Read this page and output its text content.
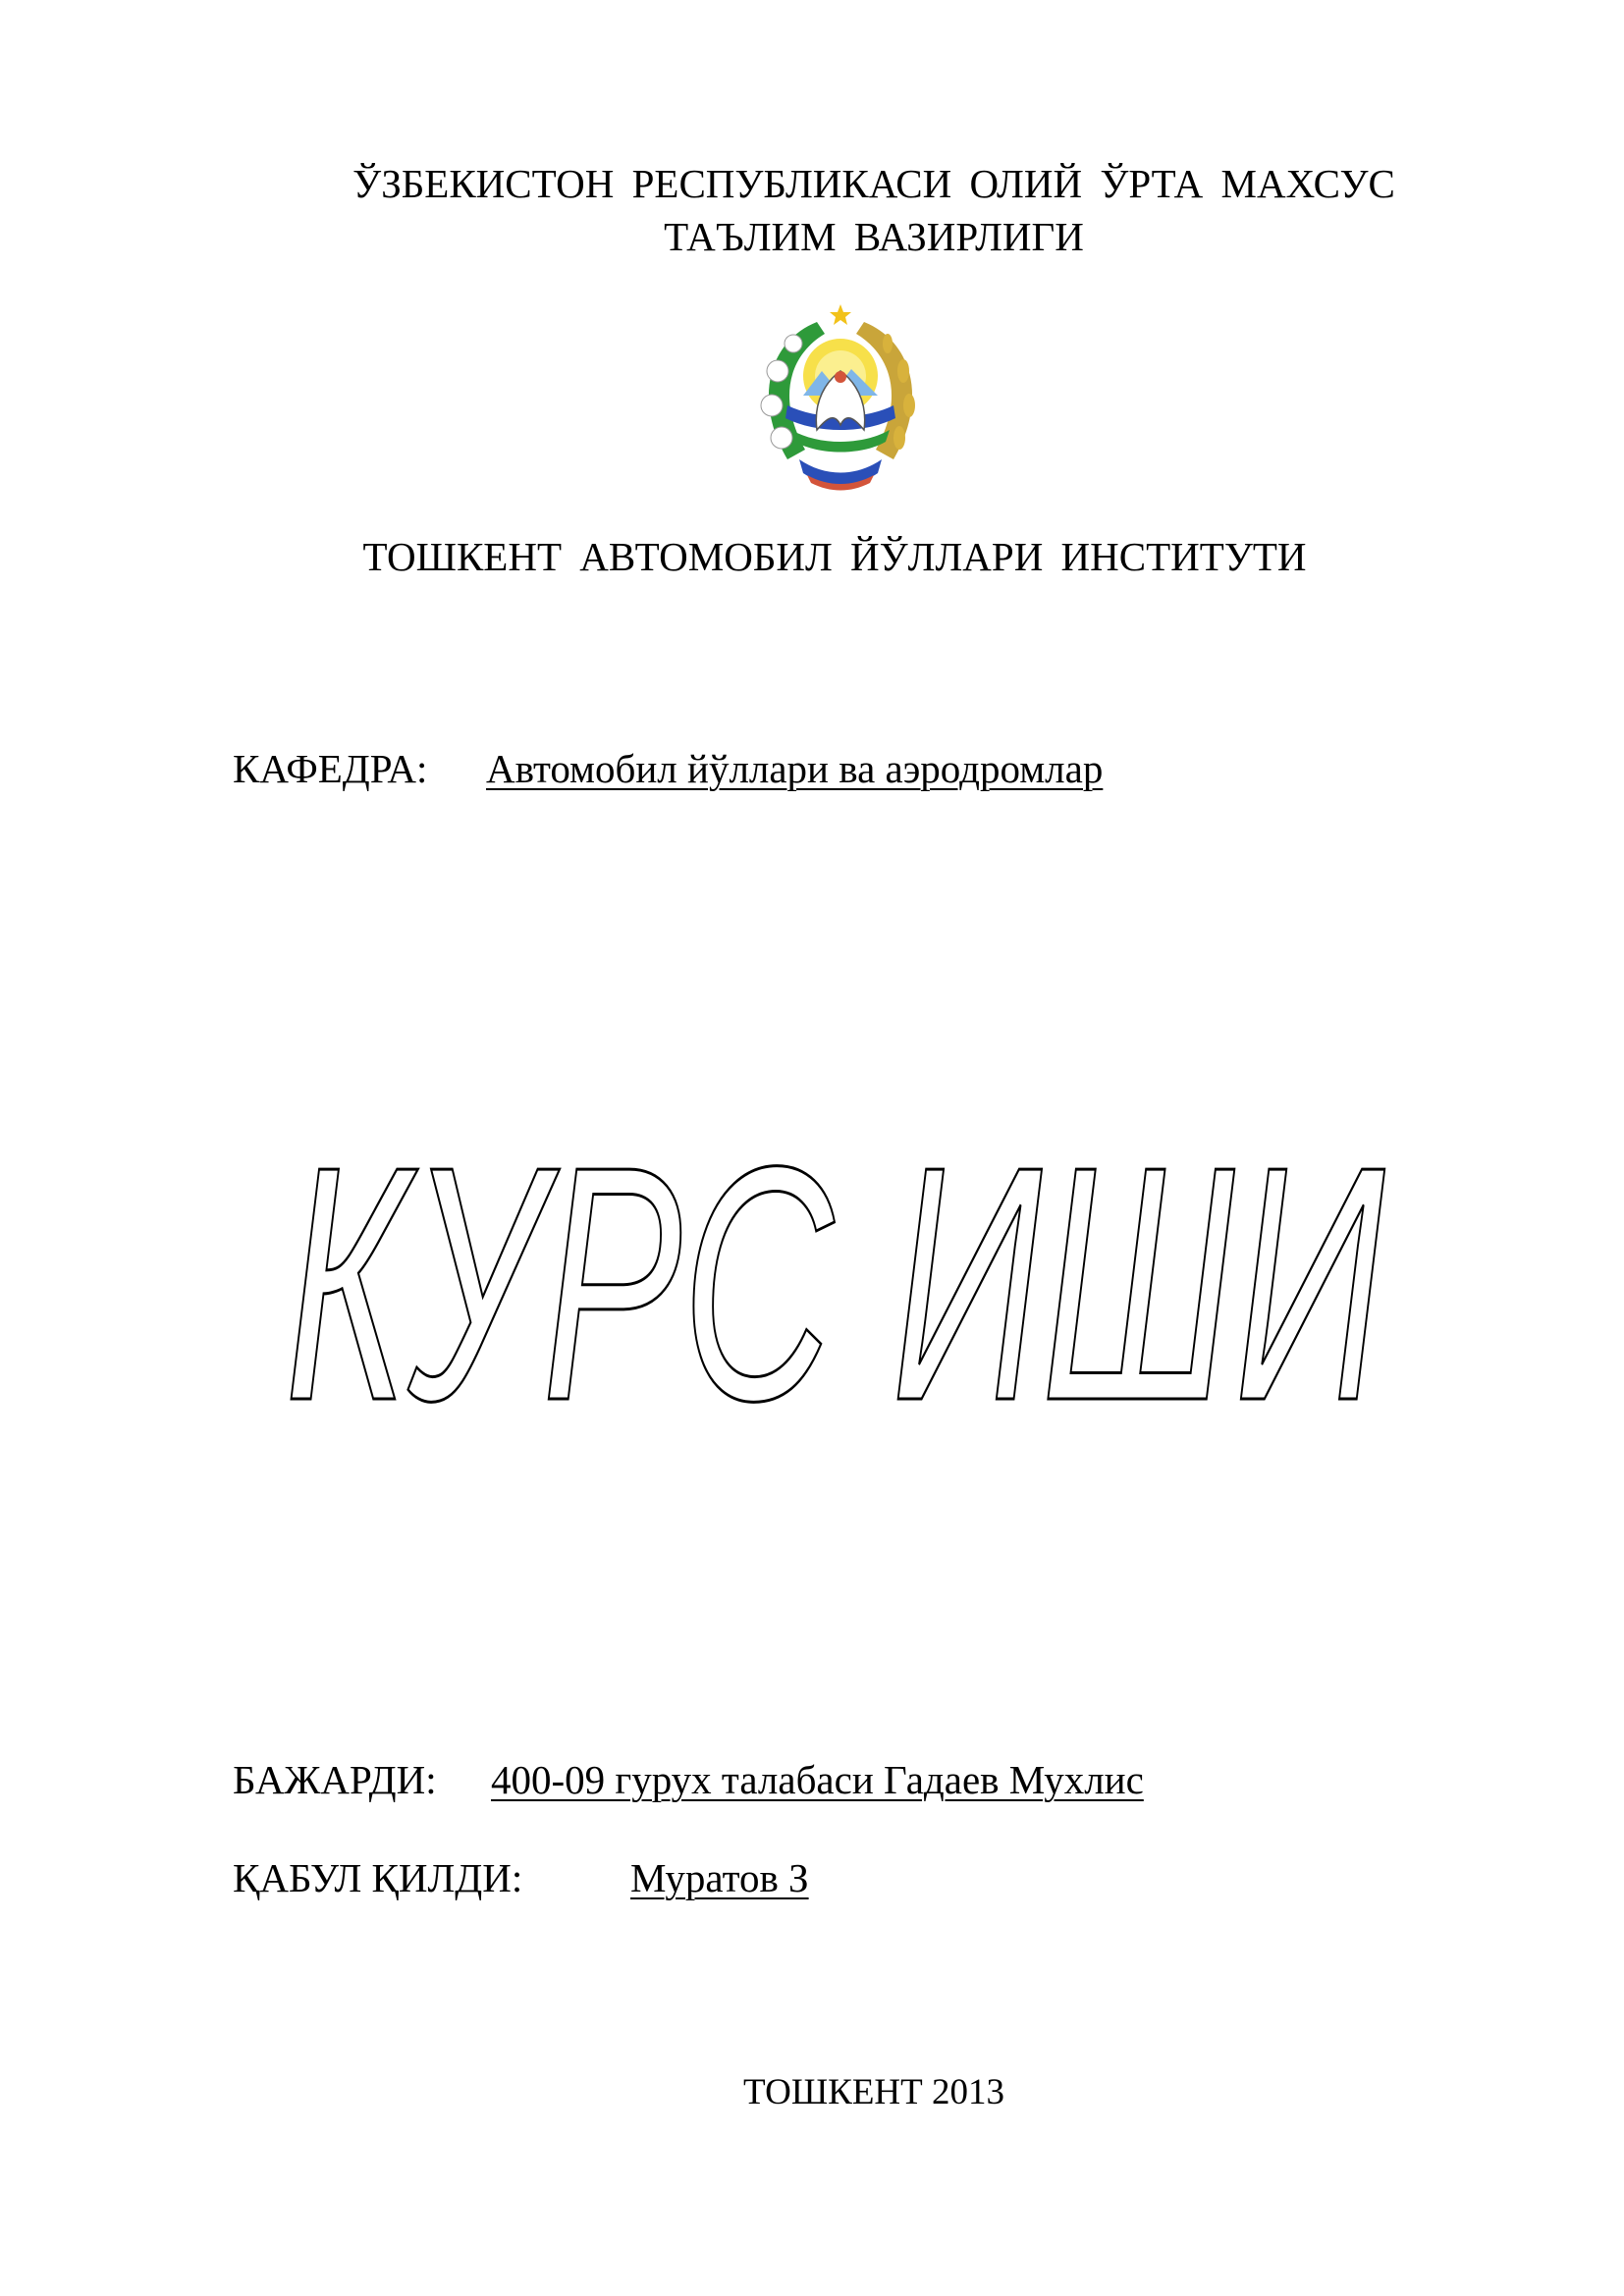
ЎЗБЕКИСТОН РЕСПУБЛИКАСИ ОЛИЙ ЎРТА МАХСУС
ТАЪЛИМ ВАЗИРЛИГИ
ТОШКЕНТ АВТОМОБИЛ ЙЎЛЛАРИ ИНСТИТУТИ
КАФЕДРА: Автомобил йўллари ва аэродромлар
КУРС ИШИ
БАЖАРДИ: 400-09 гурух талабаси Гадаев Мухлис
ҚАБУЛ ҚИЛДИ:	Муратов З
ТОШКЕНТ 2013
